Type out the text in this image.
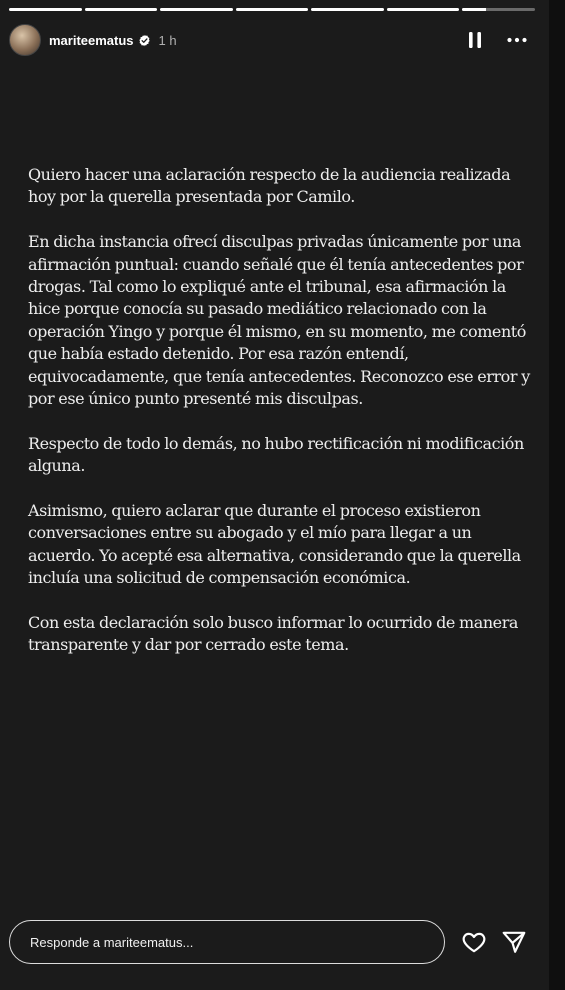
mariteematus 1 h

Quiero hacer una aclaración respecto de la audiencia realizada hoy por la querella presentada por Camilo.

En dicha instancia ofrecí disculpas privadas únicamente por una afirmación puntual: cuando señalé que él tenía antecedentes por drogas. Tal como lo expliqué ante el tribunal, esa afirmación la hice porque conocía su pasado mediático relacionado con la operación Yingo y porque él mismo, en su momento, me comentó que había estado detenido. Por esa razón entendí, equivocadamente, que tenía antecedentes. Reconozco ese error y por ese único punto presenté mis disculpas.

Respecto de todo lo demás, no hubo rectificación ni modificación alguna.

Asimismo, quiero aclarar que durante el proceso existieron conversaciones entre su abogado y el mío para llegar a un acuerdo. Yo acepté esa alternativa, considerando que la querella incluía una solicitud de compensación económica.

Con esta declaración solo busco informar lo ocurrido de manera transparente y dar por cerrado este tema.

Responde a mariteematus...
